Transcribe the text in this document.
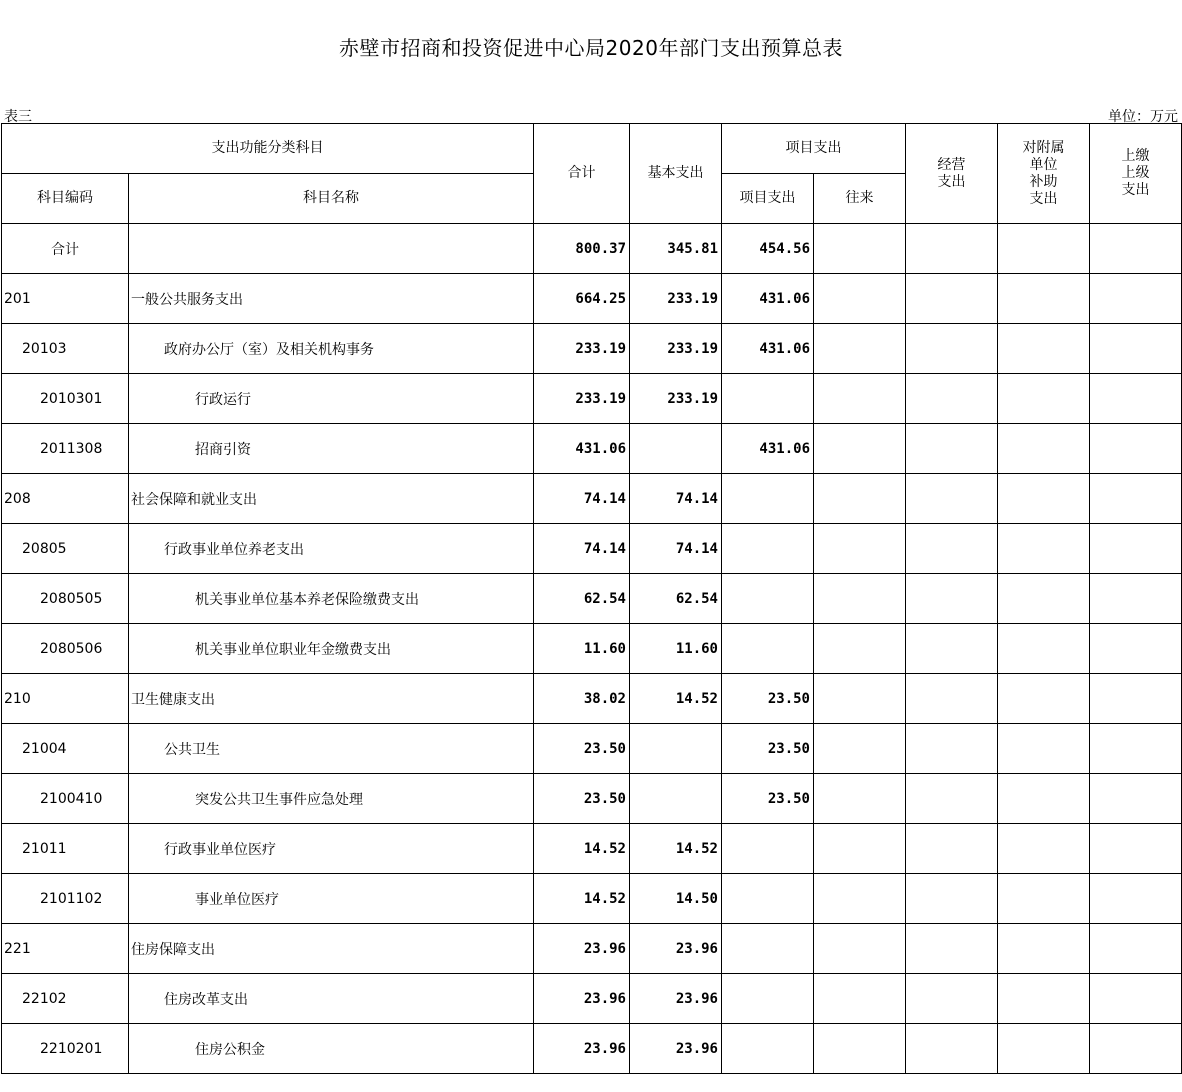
赤壁市招商和投资促进中心局2020年部门支出预算总表
表三	单位：万元
支出功能分类科目		合计	基本支出	项目支出		经营
支出	对附属
单位
补助
支出	上缴
上级
支出
科目编码	科目名称			项目支出	往来			
合计		800.37	345.81	454.56				
201	一般公共服务支出	664.25	233.19	431.06				
20103	政府办公厅（室）及相关机构事务	233.19	233.19	431.06				
2010301	行政运行	233.19	233.19					
2011308	招商引资	431.06		431.06				
208	社会保障和就业支出	74.14	74.14					
20805	行政事业单位养老支出	74.14	74.14					
2080505	机关事业单位基本养老保险缴费支出	62.54	62.54					
2080506	机关事业单位职业年金缴费支出	11.60	11.60					
210	卫生健康支出	38.02	14.52	23.50				
21004	公共卫生	23.50		23.50				
2100410	突发公共卫生事件应急处理	23.50		23.50				
21011	行政事业单位医疗	14.52	14.52					
2101102	事业单位医疗	14.52	14.50					
221	住房保障支出	23.96	23.96					
22102	住房改革支出	23.96	23.96					
2210201	住房公积金	23.96	23.96					
